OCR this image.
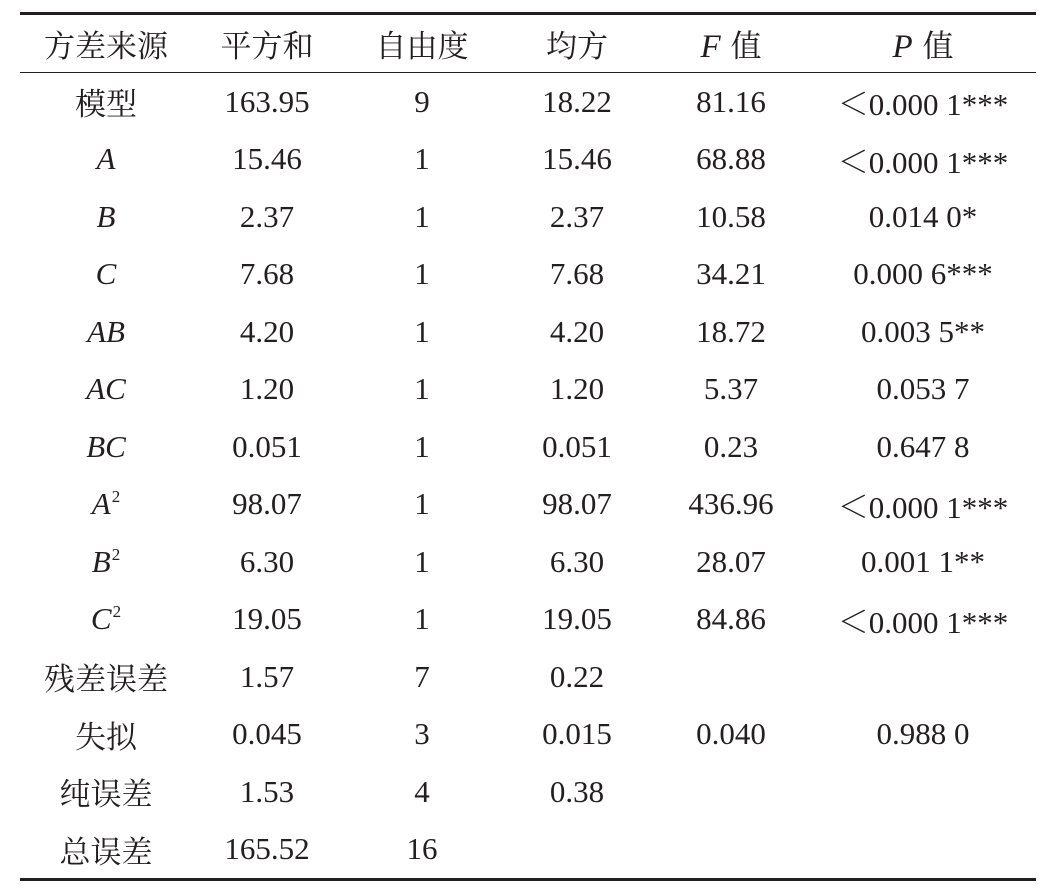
方差来源	平方和	自由度	均方	F 值	P 值
模型	163.95	9	18.22	81.16	＜0.000 1***
A	15.46	1	15.46	68.88	＜0.000 1***
B	2.37	1	2.37	10.58	0.014 0*
C	7.68	1	7.68	34.21	0.000 6***
AB	4.20	1	4.20	18.72	0.003 5**
AC	1.20	1	1.20	5.37	0.053 7
BC	0.051	1	0.051	0.23	0.647 8
$A^2$	98.07	1	98.07	436.96	＜0.000 1***
$B^2$	6.30	1	6.30	28.07	0.001 1**
$C^2$	19.05	1	19.05	84.86	＜0.000 1***
残差误差	1.57	7	0.22		
失拟	0.045	3	0.015	0.040	0.988 0
纯误差	1.53	4	0.38		
总误差	165.52	16			
